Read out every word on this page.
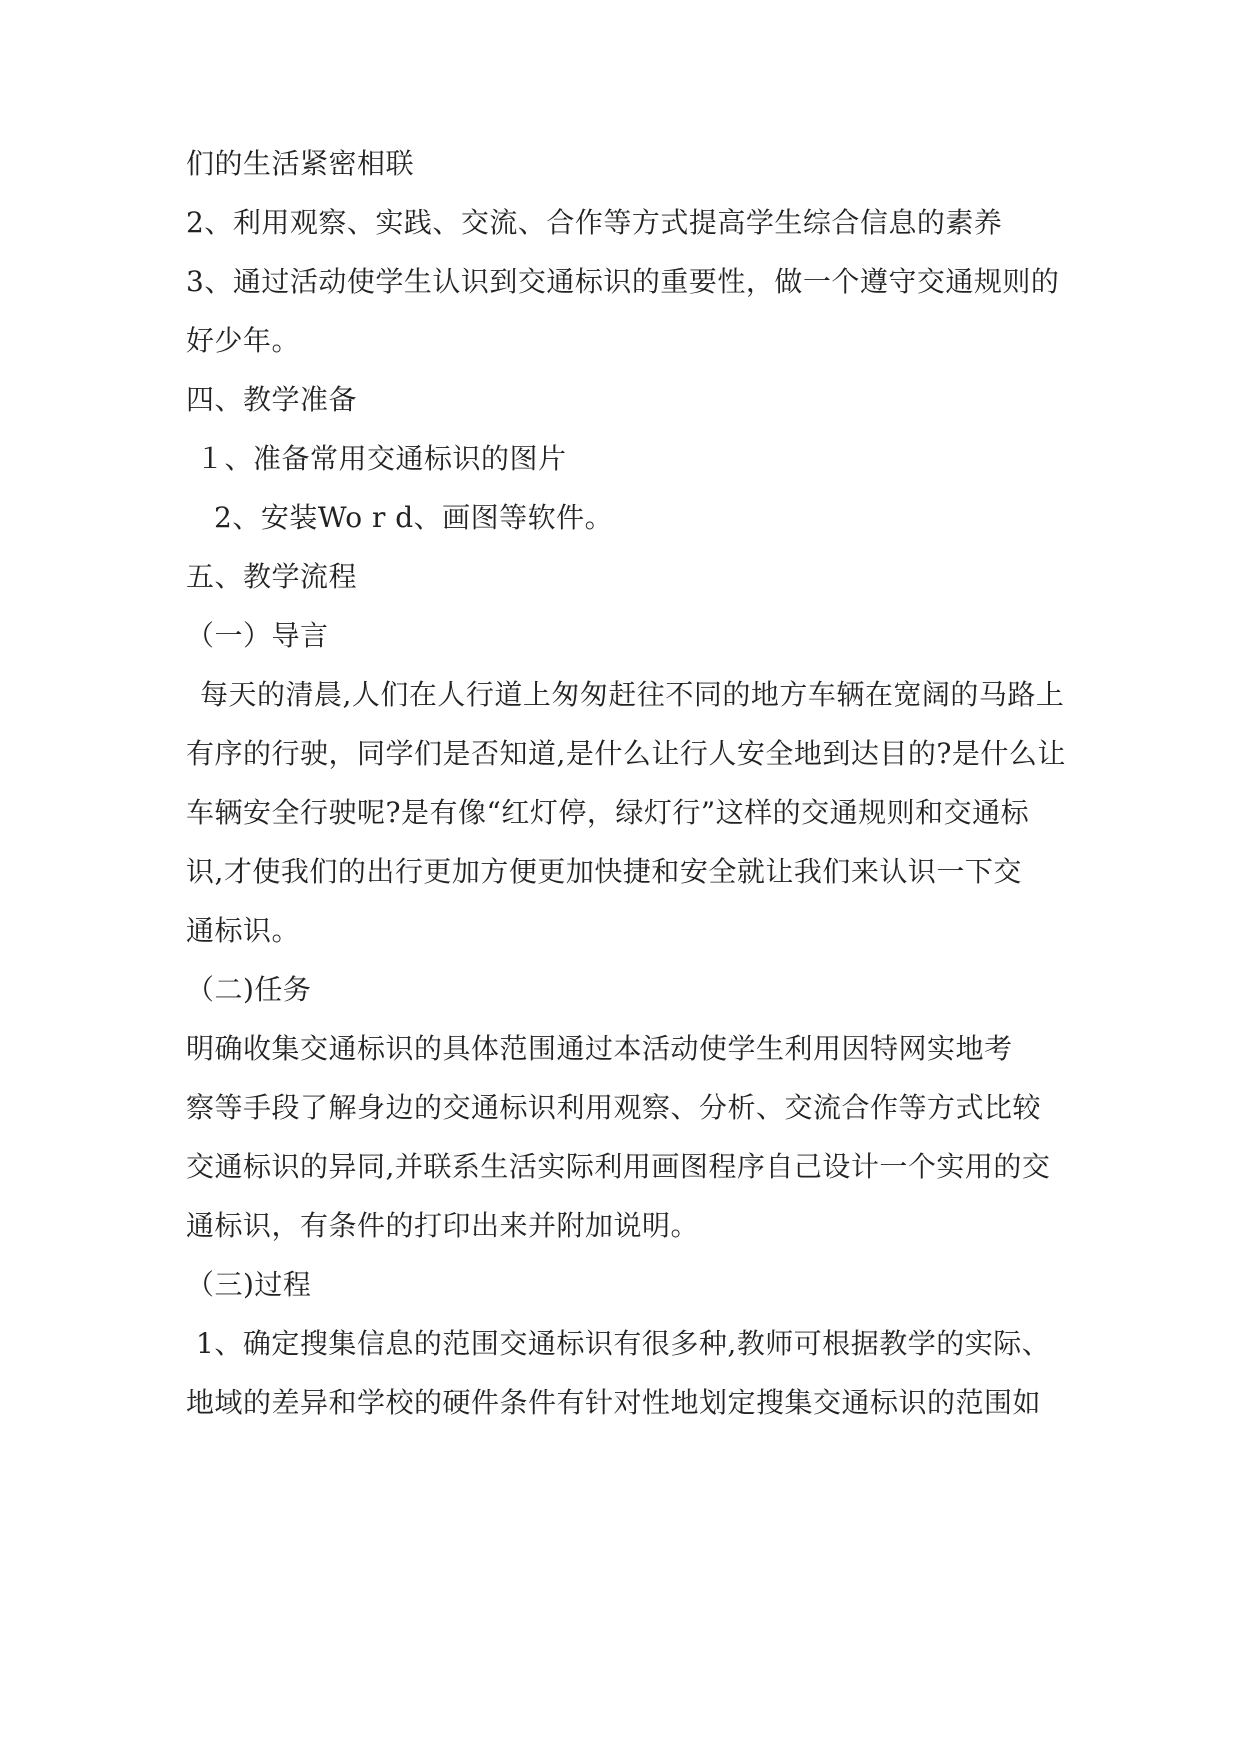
们的生活紧密相联
2、利用观察、实践、交流、合作等方式提高学生综合信息的素养
3、通过活动使学生认识到交通标识的重要性，做一个遵守交通规则的
好少年。
四、教学准备
１、准备常用交通标识的图片
2、安装Wo r d、画图等软件。
五、教学流程
（一）导言
每天的清晨,人们在人行道上匆匆赶往不同的地方车辆在宽阔的马路上
有序的行驶，同学们是否知道,是什么让行人安全地到达目的?是什么让
车辆安全行驶呢?是有像“红灯停，绿灯行”这样的交通规则和交通标
识,才使我们的出行更加方便更加快捷和安全就让我们来认识一下交
通标识。
（二)任务
明确收集交通标识的具体范围通过本活动使学生利用因特网实地考
察等手段了解身边的交通标识利用观察、分析、交流合作等方式比较
交通标识的异同,并联系生活实际利用画图程序自己设计一个实用的交
通标识，有条件的打印出来并附加说明。
（三)过程
1、确定搜集信息的范围交通标识有很多种,教师可根据教学的实际、
地域的差异和学校的硬件条件有针对性地划定搜集交通标识的范围如
